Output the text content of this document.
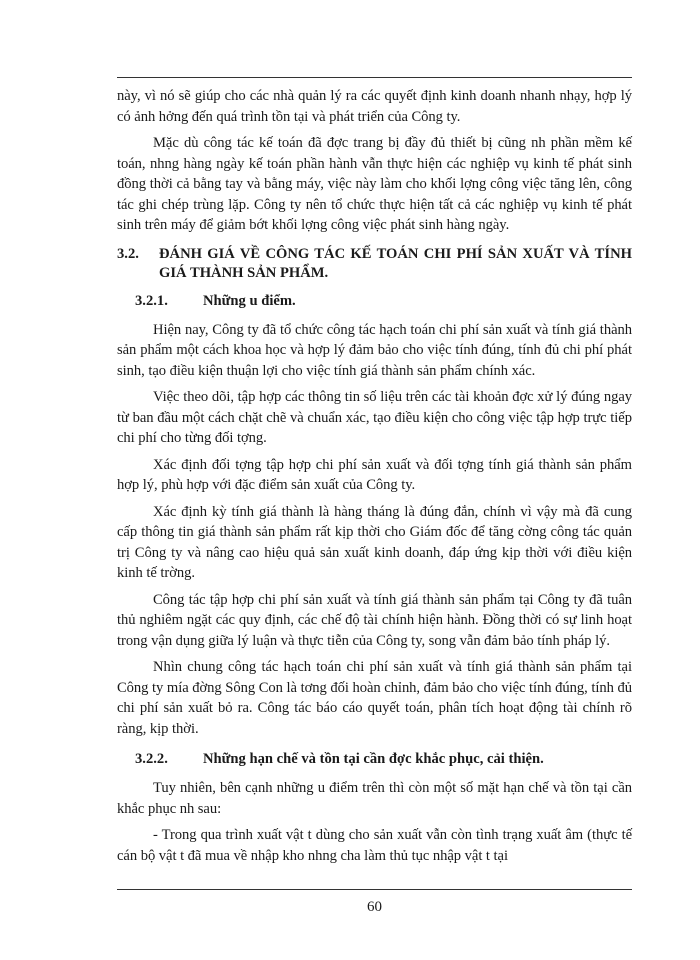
này, vì nó sẽ giúp cho các nhà quản lý ra các quyết định kinh doanh nhanh nhạy, hợp lý có ảnh hởng đến quá trình tồn tại và phát triển của Công ty.

Mặc dù công tác kế toán đã đợc trang bị đầy đủ thiết bị cũng nh phần mềm kế toán, nhng hàng ngày kế toán phần hành vẫn thực hiện các nghiệp vụ kinh tế phát sinh đồng thời cả bằng tay và bằng máy, việc này làm cho khối lợng công việc tăng lên, công tác ghi chép trùng lặp. Công ty nên tổ chức thực hiện tất cả các nghiệp vụ kinh tế phát sinh trên máy để giảm bớt khối lợng công việc phát sinh hàng ngày.

3.2.	ĐÁNH GIÁ VỀ CÔNG TÁC KẾ TOÁN CHI PHÍ SẢN XUẤT VÀ TÍNH GIÁ THÀNH SẢN PHẨM.
3.2.1.	Những u điểm.

Hiện nay, Công ty đã tổ chức công tác hạch toán chi phí sản xuất và tính giá thành sản phẩm một cách khoa học và hợp lý đảm bảo cho việc tính đúng, tính đủ chi phí phát sinh, tạo điều kiện thuận lợi cho việc tính giá thành sản phẩm chính xác.

Việc theo dõi, tập hợp các thông tin số liệu trên các tài khoản đợc xử lý đúng ngay từ ban đầu một cách chặt chẽ và chuẩn xác, tạo điều kiện cho công việc tập hợp trực tiếp chi phí cho từng đối tợng.

Xác định đối tợng tập hợp chi phí sản xuất và đối tợng tính giá thành sản phẩm hợp lý, phù hợp với đặc điểm sản xuất của Công ty.

Xác định kỳ tính giá thành là hàng tháng là đúng đắn, chính vì vậy mà đã cung cấp thông tin giá thành sản phẩm rất kịp thời cho Giám đốc để tăng cờng công tác quản trị Công ty và nâng cao hiệu quả sản xuất kinh doanh, đáp ứng kịp thời với điều kiện kinh tế trờng.

Công tác tập hợp chi phí sản xuất và tính giá thành sản phẩm tại Công ty đã tuân thủ nghiêm ngặt các quy định, các chế độ tài chính hiện hành. Đồng thời có sự linh hoạt trong vận dụng giữa lý luận và thực tiễn của Công ty, song vẫn đảm bảo tính pháp lý.

Nhìn chung công tác hạch toán chi phí sản xuất và tính giá thành sản phẩm tại Công ty mía đờng Sông Con là tơng đối hoàn chỉnh, đảm bảo cho việc tính đúng, tính đủ chi phí sản xuất bỏ ra. Công tác báo cáo quyết toán, phân tích hoạt động tài chính rõ ràng, kịp thời.

3.2.2.	Những hạn chế và tồn tại cần đợc khắc phục, cải thiện.

Tuy nhiên, bên cạnh những u điểm trên thì còn một số mặt hạn chế và tồn tại cần khắc phục nh sau:

- Trong qua trình xuất vật t dùng cho sản xuất vẫn còn tình trạng xuất âm (thực tế cán bộ vật t đã mua về nhập kho nhng cha làm thủ tục nhập vật t tại

60
